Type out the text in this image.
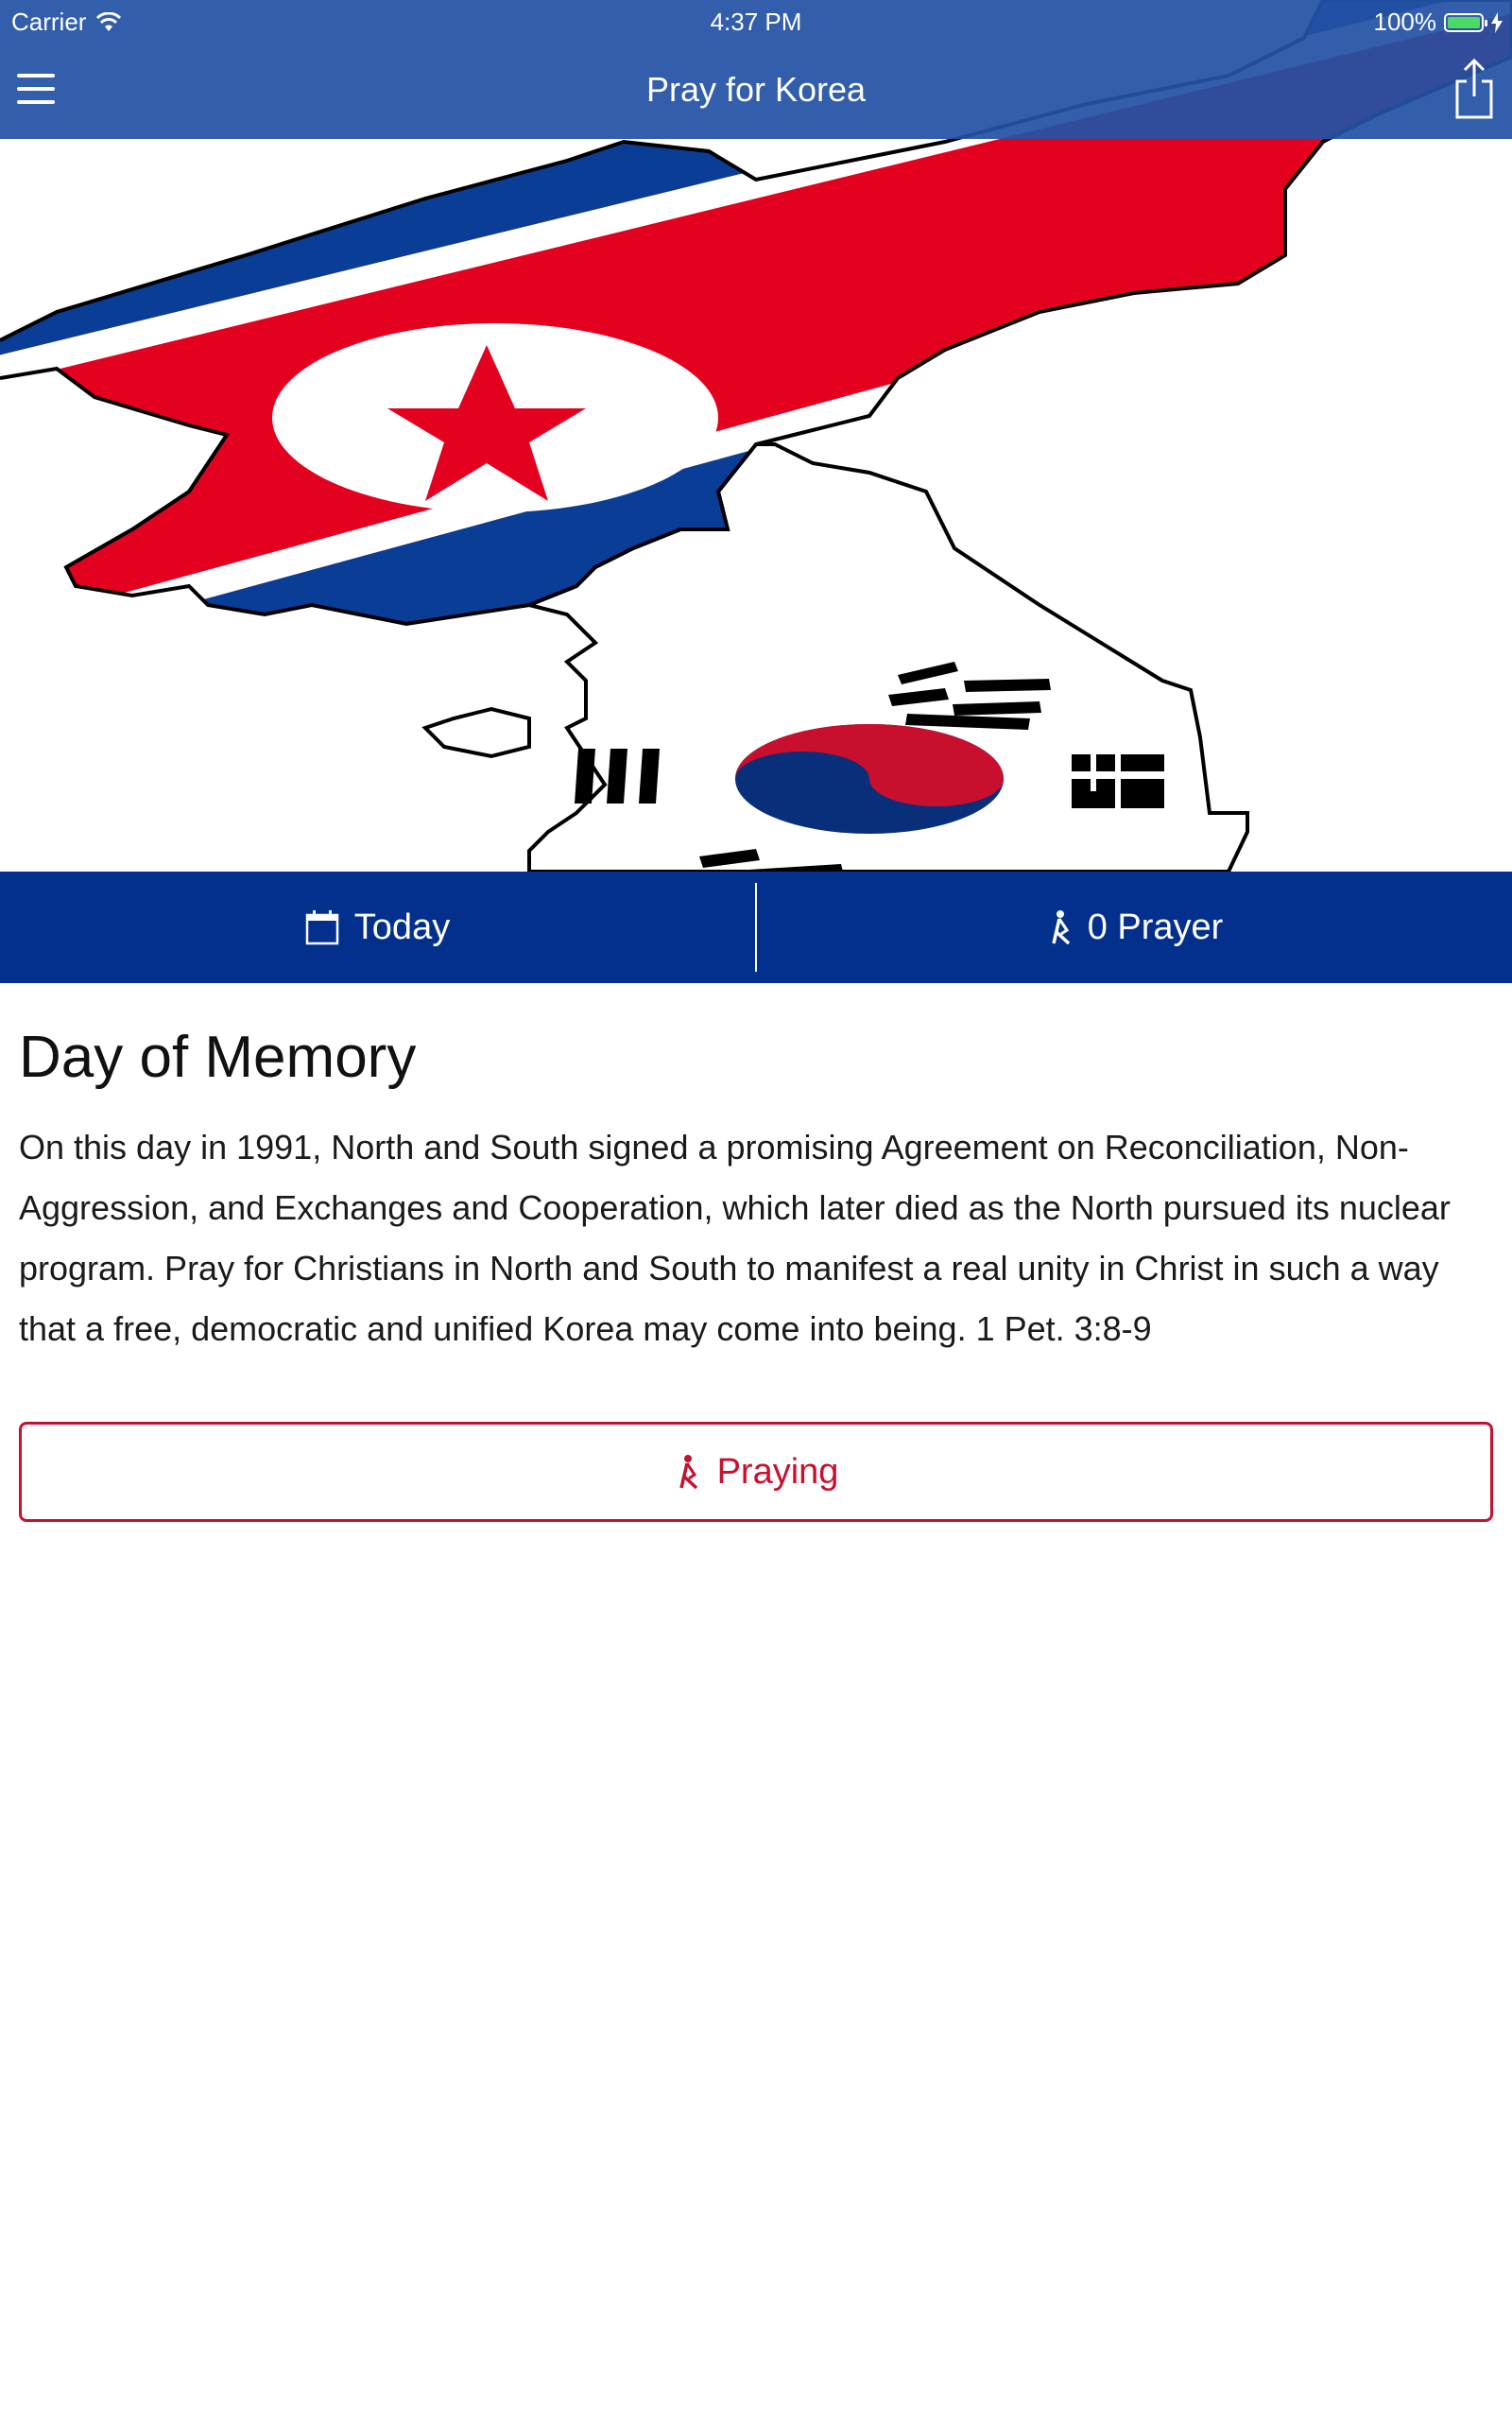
Pray for Korea
Carrier	4:37 PM	100%
Today	0 Prayer
Day of Memory

On this day in 1991, North and South signed a promising Agreement on Reconciliation, Non-Aggression, and Exchanges and Cooperation, which later died as the North pursued its nuclear program. Pray for Christians in North and South to manifest a real unity in Christ in such a way that a free, democratic and unified Korea may come into being. 1 Pet. 3:8-9

Praying
